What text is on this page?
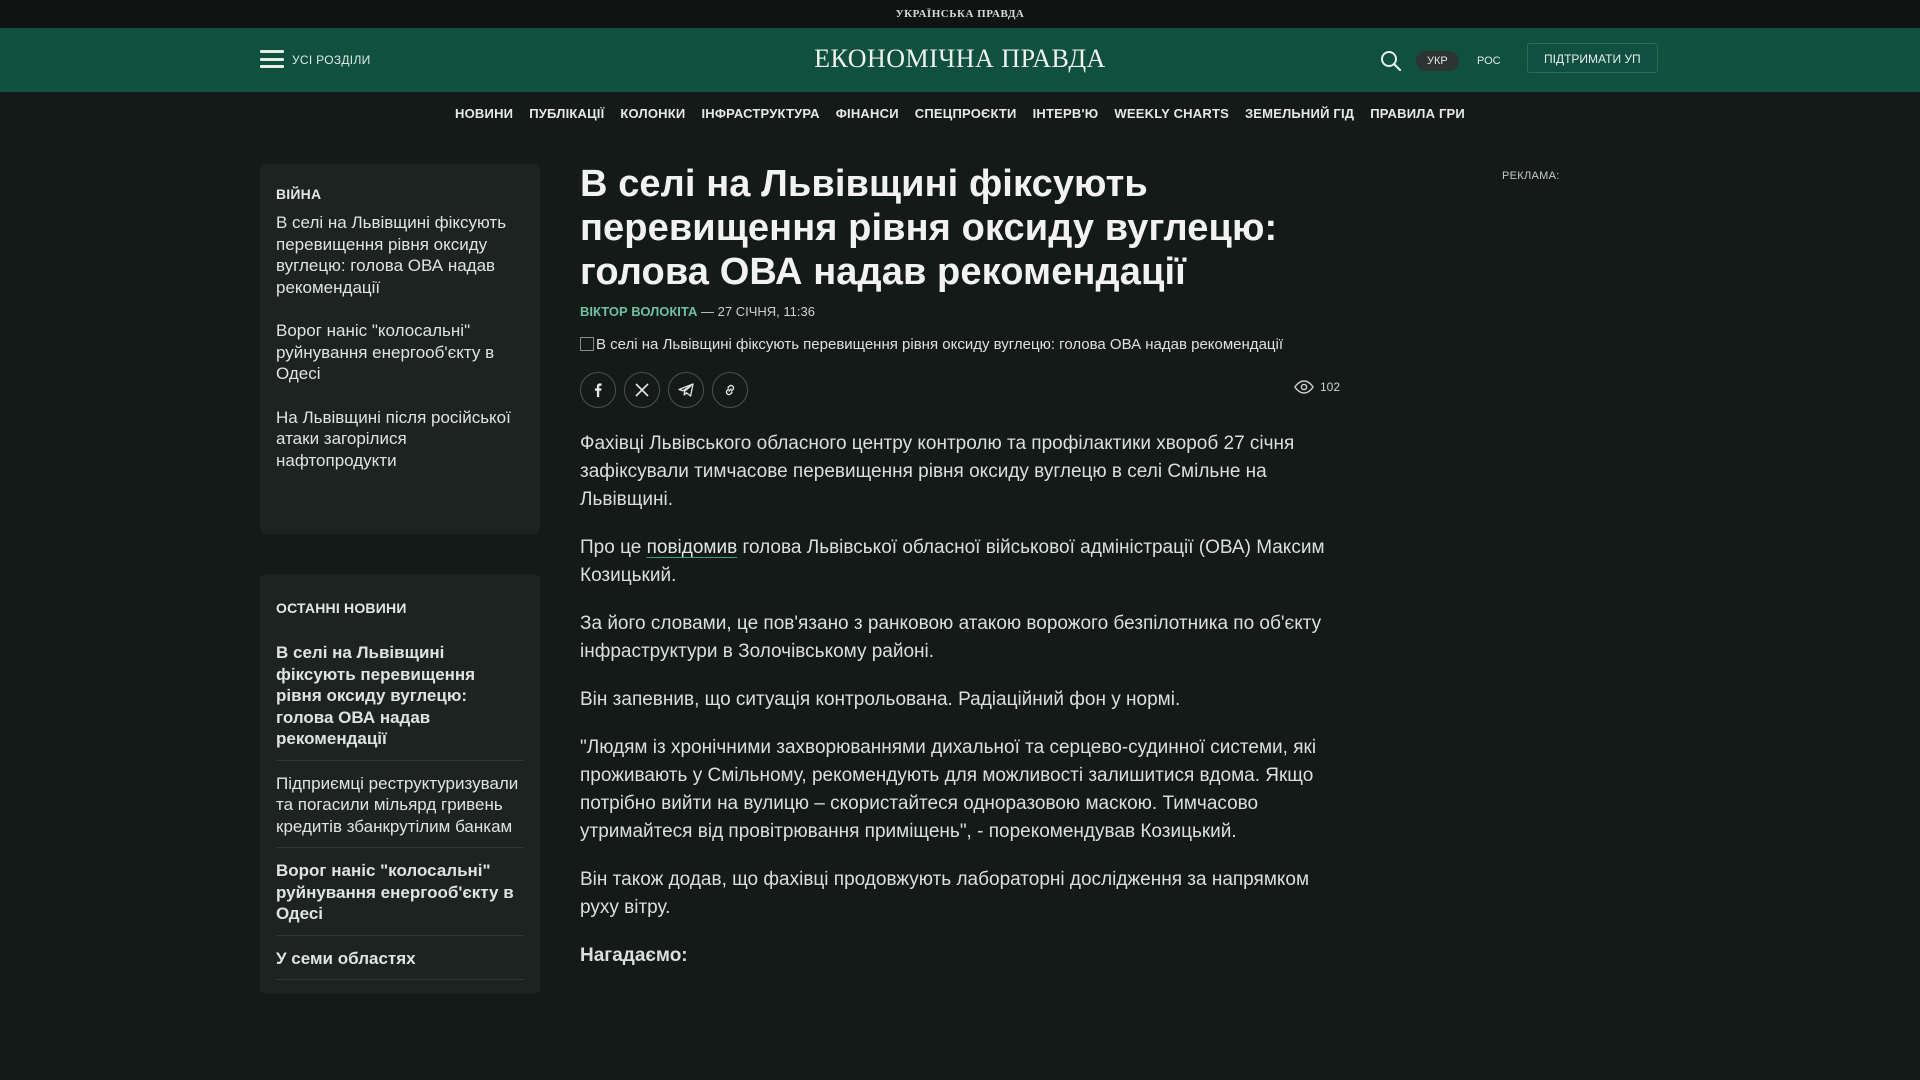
УКРАЇНСЬКА ПРАВДА
УСІ РОЗДІЛИ	ЕКОНОМІЧНА ПРАВДА	УКР	РОС	ПІДТРИМАТИ УП
НОВИНИ ПУБЛІКАЦІЇ КОЛОНКИ ІНФРАСТРУКТУРА ФІНАНСИ СПЕЦПРОЄКТИ ІНТЕРВ'Ю WEEKLY CHARTS ЗЕМЕЛЬНИЙ ГІД ПРАВИЛА ГРИ
ВІЙНА
В селі на Львівщині фіксують перевищення рівня оксиду вуглецю: голова ОВА надав рекомендації
Ворог наніс "колосальні" руйнування енергооб'єкту в Одесі
На Львівщині після російської атаки загорілися нафтопродукти
ОСТАННІ НОВИНИ
В селі на Львівщині фіксують перевищення рівня оксиду вуглецю: голова ОВА надав рекомендації
Підприємці реструктуризували та погасили мільярд гривень кредитів збанкрутілим банкам
Ворог наніс "колосальні" руйнування енергооб'єкту в Одесі
У семи областях
В селі на Львівщині фіксують перевищення рівня оксиду вуглецю: голова ОВА надав рекомендації
ВІКТОР ВОЛОКІТА — 27 СІЧНЯ, 11:36
В селі на Львівщині фіксують перевищення рівня оксиду вуглецю: голова ОВА надав рекомендації
102

Фахівці Львівського обласного центру контролю та профілактики хвороб 27 січня зафіксували тимчасове перевищення рівня оксиду вуглецю в селі Смільне на Львівщині.

Про це повідомив голова Львівської обласної військової адміністрації (ОВА) Максим Козицький.

За його словами, це пов'язано з ранковою атакою ворожого безпілотника по об'єкту інфраструктури в Золочівському районі.

Він запевнив, що ситуація контрольована. Радіаційний фон у нормі.

"Людям із хронічними захворюваннями дихальної та серцево-судинної системи, які проживають у Смільному, рекомендують для можливості залишитися вдома. Якщо потрібно вийти на вулицю – скористайтеся одноразовою маскою. Тимчасово утримайтеся від провітрювання приміщень", - порекомендував Козицький.

Він також додав, що фахівці продовжують лабораторні дослідження за напрямком руху вітру.

Нагадаємо:

РЕКЛАМА:
